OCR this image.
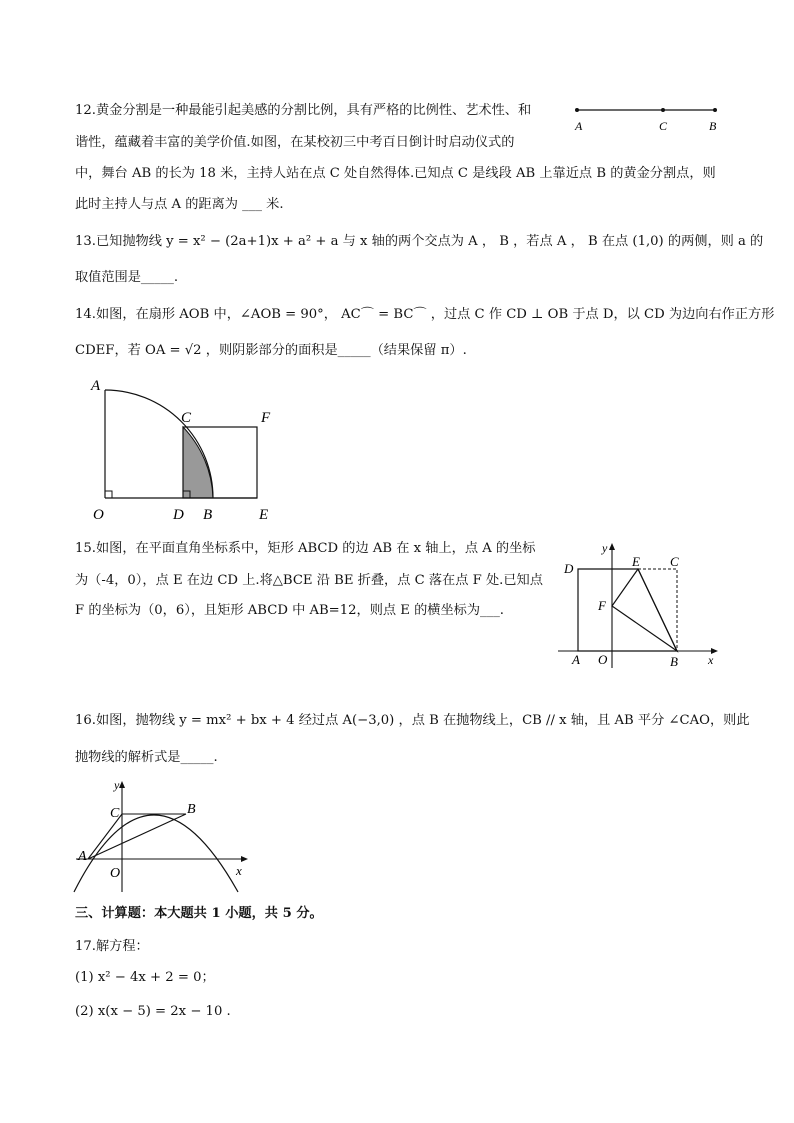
12.黄金分割是一种最能引起美感的分割比例，具有严格的比例性、艺术性、和
谐性，蕴藏着丰富的美学价值.如图，在某校初三中考百日倒计时启动仪式的
中，舞台 AB 的长为 18 米，主持人站在点 C 处自然得体.已知点 C 是线段 AB 上靠近点 B 的黄金分割点，则
此时主持人与点 A 的距离为 ___ 米.
A	C	B
13.已知抛物线 y = x² − (2a+1)x + a² + a 与 x 轴的两个交点为 A ， B ，若点 A ， B 在点 (1,0) 的两侧，则 a 的
取值范围是_____.
14.如图，在扇形 AOB 中，∠AOB = 90°， AC⌒ = BC⌒ ，过点 C 作 CD ⊥ OB 于点 D，以 CD 为边向右作正方形
CDEF，若 OA = √2 ，则阴影部分的面积是_____（结果保留 π）.
A
C	F
O	D B	E
15.如图，在平面直角坐标系中，矩形 ABCD 的边 AB 在 x 轴上，点 A 的坐标
为（-4，0），点 E 在边 CD 上.将△BCE 沿 BE 折叠，点 C 落在点 F 处.已知点
F 的坐标为（0，6），且矩形 ABCD 中 AB=12，则点 E 的横坐标为___.
y
D	E C
F
A O	B	x
16.如图，抛物线 y = mx² + bx + 4 经过点 A(−3,0) ，点 B 在抛物线上，CB // x 轴，且 AB 平分 ∠CAO，则此
抛物线的解析式是_____.
y
C	B
A
O	x
三、计算题：本大题共 1 小题，共 5 分。
17.解方程：
(1) x² − 4x + 2 = 0；
(2) x(x − 5) = 2x − 10 .
